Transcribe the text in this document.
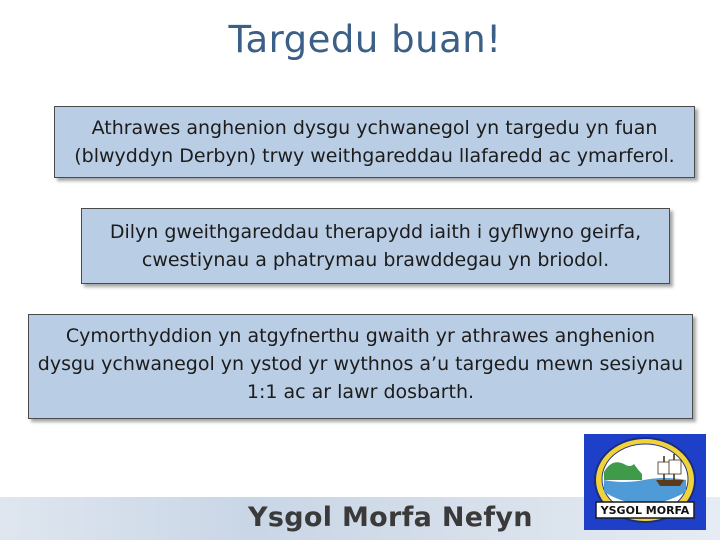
Targedu buan!
Athrawes anghenion dysgu ychwanegol yn targedu yn fuan (blwyddyn Derbyn) trwy weithgareddau llafaredd ac ymarferol.
Dilyn gweithgareddau therapydd iaith i gyflwyno geirfa, cwestiynau a phatrymau brawddegau yn briodol.
Cymorthyddion yn atgyfnerthu gwaith yr athrawes anghenion dysgu ychwanegol yn ystod yr wythnos a’u targedu mewn sesiynau 1:1 ac ar lawr dosbarth.
Ysgol Morfa Nefyn	YSGOL MORFA
